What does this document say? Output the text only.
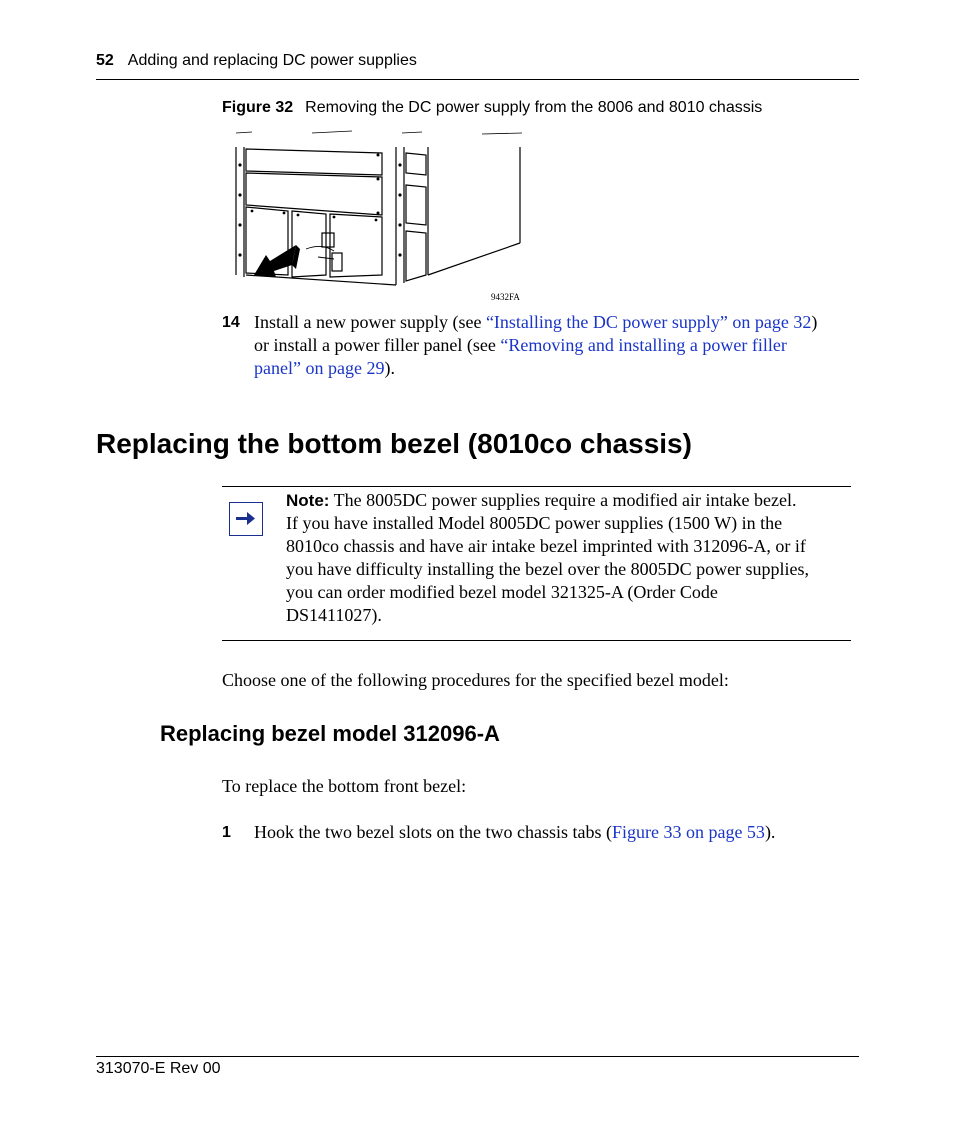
52 Adding and replacing DC power supplies
Figure 32 Removing the DC power supply from the 8006 and 8010 chassis
9432FA
14 Install a new power supply (see “Installing the DC power supply” on page 32)
or install a power filler panel (see “Removing and installing a power filler
panel” on page 29).
Replacing the bottom bezel (8010co chassis)
Note: The 8005DC power supplies require a modified air intake bezel.
If you have installed Model 8005DC power supplies (1500 W) in the
8010co chassis and have air intake bezel imprinted with 312096-A, or if
you have difficulty installing the bezel over the 8005DC power supplies,
you can order modified bezel model 321325-A (Order Code
DS1411027).
Choose one of the following procedures for the specified bezel model:
Replacing bezel model 312096-A
To replace the bottom front bezel:
1 Hook the two bezel slots on the two chassis tabs (Figure 33 on page 53).
313070-E Rev 00
